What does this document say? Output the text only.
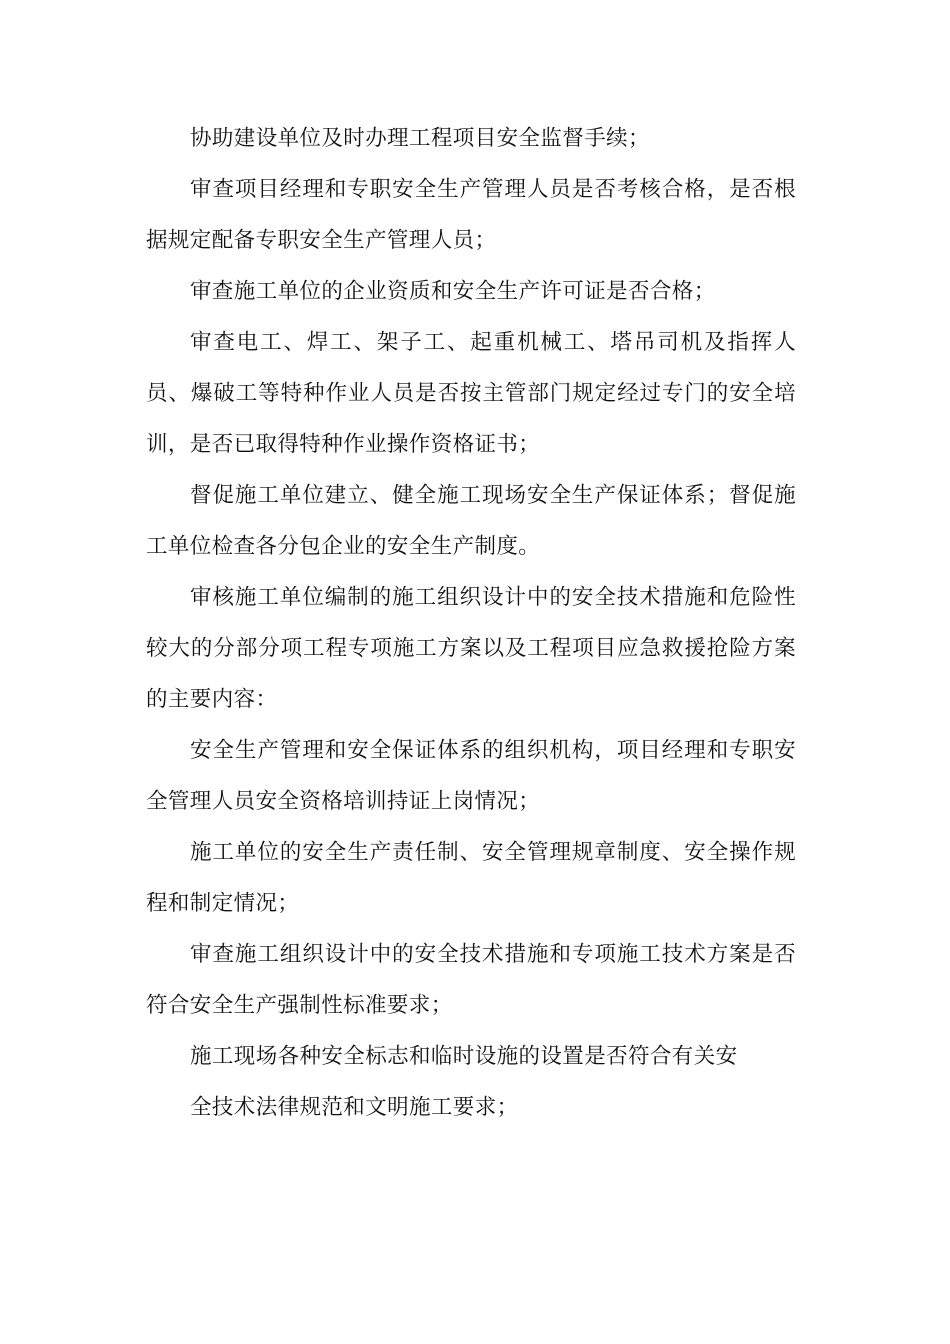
协助建设单位及时办理工程项目安全监督手续；

审查项目经理和专职安全生产管理人员是否考核合格，是否根据规定配备专职安全生产管理人员；

审查施工单位的企业资质和安全生产许可证是否合格；

审查电工、焊工、架子工、起重机械工、塔吊司机及指挥人员、爆破工等特种作业人员是否按主管部门规定经过专门的安全培训，是否已取得特种作业操作资格证书；

督促施工单位建立、健全施工现场安全生产保证体系；督促施工单位检查各分包企业的安全生产制度。

审核施工单位编制的施工组织设计中的安全技术措施和危险性较大的分部分项工程专项施工方案以及工程项目应急救援抢险方案的主要内容：

安全生产管理和安全保证体系的组织机构，项目经理和专职安全管理人员安全资格培训持证上岗情况；

施工单位的安全生产责任制、安全管理规章制度、安全操作规程和制定情况；

审查施工组织设计中的安全技术措施和专项施工技术方案是否符合安全生产强制性标准要求；

施工现场各种安全标志和临时设施的设置是否符合有关安

全技术法律规范和文明施工要求；
